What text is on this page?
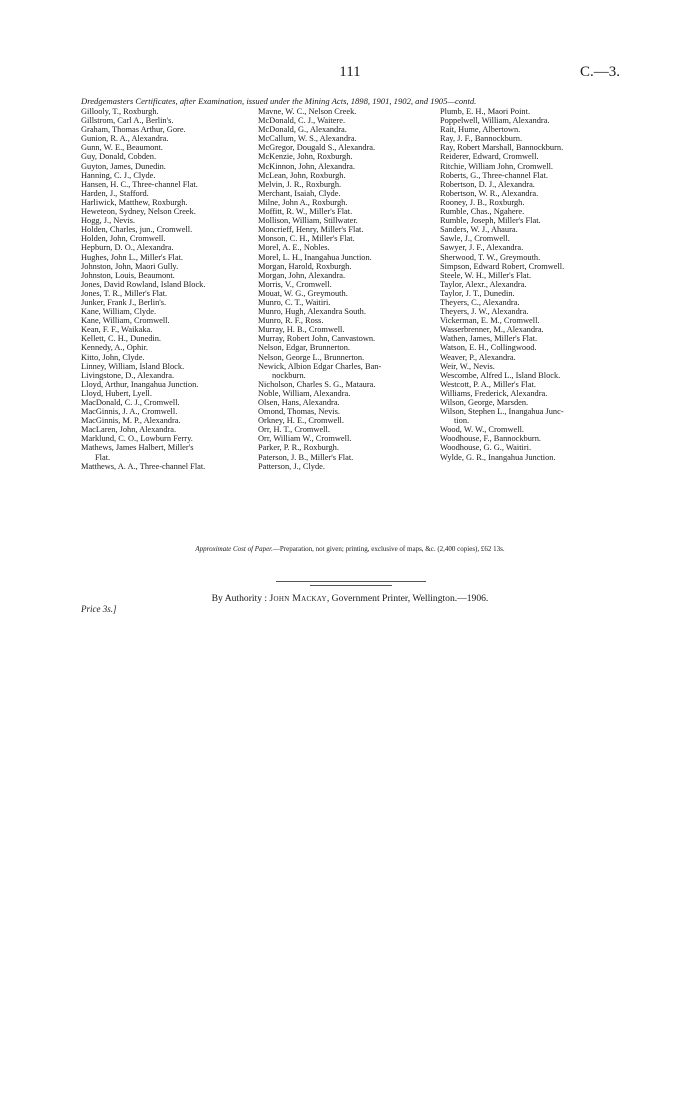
111	C.—3.
Dredgemasters Certificates, after Examination, issued under the Mining Acts, 1898, 1901, 1902, and 1905—contd.
Gillooly, T., Roxburgh.
Gillstrom, Carl A., Berlin's.
Graham, Thomas Arthur, Gore.
Gunion, R. A., Alexandra.
Gunn, W. E., Beaumont.
Guy, Donald, Cobden.
Guyton, James, Dunedin.
Hanning, C. J., Clyde.
Hansen, H. C., Three-channel Flat.
Harden, J., Stafford.
Harliwick, Matthew, Roxburgh.
Heweteon, Sydney, Nelson Creek.
Hogg, J., Nevis.
Holden, Charles, jun., Cromwell.
Holden, John, Cromwell.
Hepburn, D. O., Alexandra.
Hughes, John L., Miller's Flat.
Johnston, John, Maori Gully.
Johnston, Louis, Beaumont.
Jones, David Rowland, Island Block.
Jones, T. R., Miller's Flat.
Junker, Frank J., Berlin's.
Kane, William, Clyde.
Kane, William, Cromwell.
Kean, F. F., Waikaka.
Kellett, C. H., Dunedin.
Kennedy, A., Ophir.
Kitto, John, Clyde.
Linney, William, Island Block.
Livingstone, D., Alexandra.
Lloyd, Arthur, Inangahua Junction.
Lloyd, Hubert, Lyell.
MacDonald, C. J., Cromwell.
MacGinnis, J. A., Cromwell.
MacGinnis, M. P., Alexandra.
MacLaren, John, Alexandra.
Marklund, C. O., Lowburn Ferry.
Mathews, James Halbert, Miller's
Flat.
Matthews, A. A., Three-channel Flat.
Mavne, W. C., Nelson Creek.
McDonald, C. J., Waitere.
McDonald, G., Alexandra.
McCallum, W. S., Alexandra.
McGregor, Dougald S., Alexandra.
McKenzie, John, Roxburgh.
McKinnon, John, Alexandra.
McLean, John, Roxburgh.
Melvin, J. R., Roxburgh.
Merchant, Isaiah, Clyde.
Milne, John A., Roxburgh.
Moffitt, R. W., Miller's Flat.
Mollison, William, Stillwater.
Moncrieff, Henry, Miller's Flat.
Monson, C. H., Miller's Flat.
Morel, A. E., Nobles.
Morel, L. H., Inangahua Junction.
Morgan, Harold, Roxburgh.
Morgan, John, Alexandra.
Morris, V., Cromwell.
Mouat, W. G., Greymouth.
Munro, C. T., Waitiri.
Munro, Hugh, Alexandra South.
Munro, R. F., Ross.
Murray, H. B., Cromwell.
Murray, Robert John, Canvastown.
Nelson, Edgar, Brunnerton.
Nelson, George L., Brunnerton.
Newick, Albion Edgar Charles, Ban-
nockburn.
Nicholson, Charles S. G., Mataura.
Noble, William, Alexandra.
Olsen, Hans, Alexandra.
Omond, Thomas, Nevis.
Orkney, H. E., Cromwell.
Orr, H. T., Cromwell.
Orr, William W., Cromwell.
Parker, P. R., Roxburgh.
Paterson, J. B., Miller's Flat.
Patterson, J., Clyde.
Plumb, E. H., Maori Point.
Poppelwell, William, Alexandra.
Rait, Hume, Albertown.
Ray, J. F., Bannockburn.
Ray, Robert Marshall, Bannockburn.
Reiderer, Edward, Cromwell.
Ritchie, William John, Cromwell.
Roberts, G., Three-channel Flat.
Robertson, D. J., Alexandra.
Robertson, W. R., Alexandra.
Rooney, J. B., Roxburgh.
Rumble, Chas., Ngahere.
Rumble, Joseph, Miller's Flat.
Sanders, W. J., Ahaura.
Sawle, J., Cromwell.
Sawyer, J. F., Alexandra.
Sherwood, T. W., Greymouth.
Simpson, Edward Robert, Cromwell.
Steele, W. H., Miller's Flat.
Taylor, Alexr., Alexandra.
Taylor, J. T., Dunedin.
Theyers, C., Alexandra.
Theyers, J. W., Alexandra.
Vickerman, E. M., Cromwell.
Wasserbrenner, M., Alexandra.
Wathen, James, Miller's Flat.
Watson, E. H., Collingwood.
Weaver, P., Alexandra.
Weir, W., Nevis.
Wescombe, Alfred L., Island Block.
Westcott, P. A., Miller's Flat.
Williams, Frederick, Alexandra.
Wilson, George, Marsden.
Wilson, Stephen L., Inangahua Junc-
tion.
Wood, W. W., Cromwell.
Woodhouse, F., Bannockburn.
Woodhouse, G. G., Waitiri.
Wylde, G. R., Inangahua Junction.
Approximate Cost of Paper.—Preparation, not given; printing, exclusive of maps, &c. (2,400 copies), £62 13s.
By Authority : John Mackay, Government Printer, Wellington.—1906.
Price 3s.]
